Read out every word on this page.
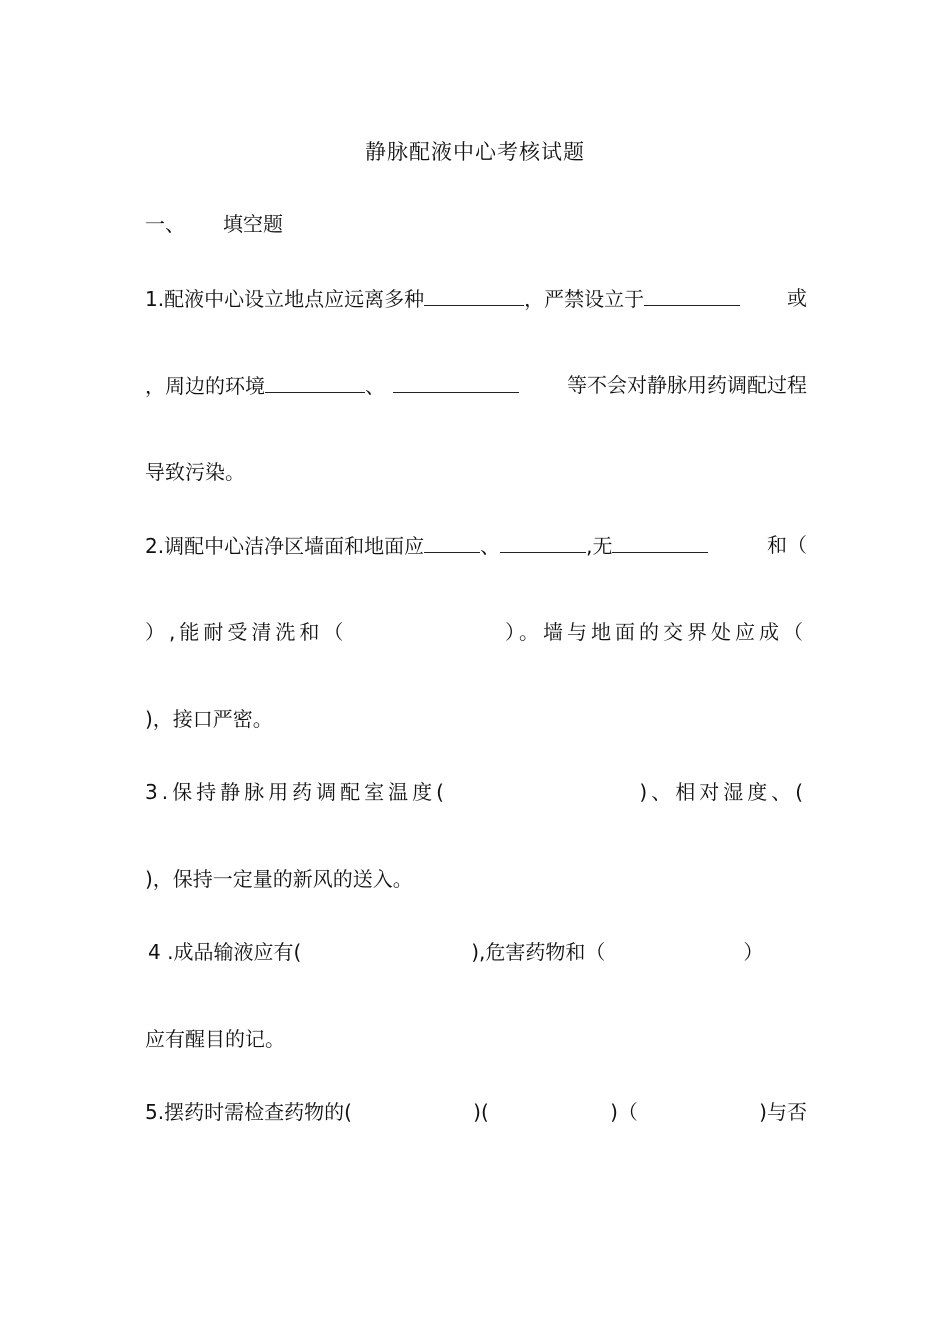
静脉配液中心考核试题
一、 填空题
1.配液中心设立地点应远离多种	，严禁设立于	或
，周边的环境	、	等不会对静脉用药调配过程
导致污染。
2.调配中心洁净区墙面和地面应	、	,无	和（
）,能耐受清洗和（	）。墙与地面的交界处应成（
)，接口严密。
3.保持静脉用药调配室温度(	)、相对湿度、(
)，保持一定量的新风的送入。
4 .成品输液应有(	),危害药物和（	）
应有醒目的记。
5.摆药时需检查药物的(	)(	)（	)与否
